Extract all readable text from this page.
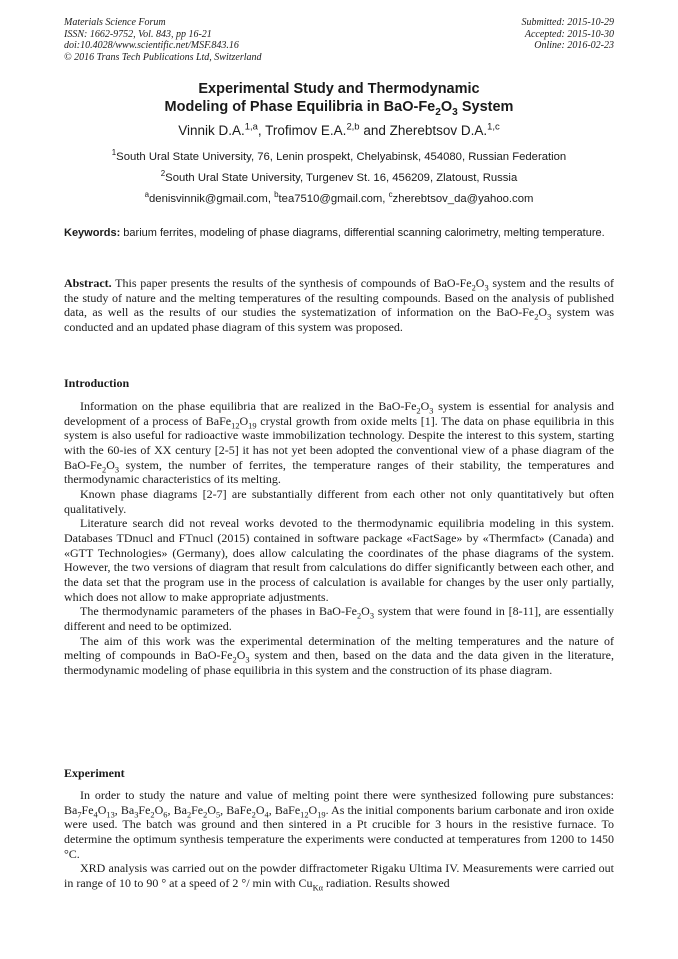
Materials Science Forum
ISSN: 1662-9752, Vol. 843, pp 16-21
doi:10.4028/www.scientific.net/MSF.843.16
© 2016 Trans Tech Publications Ltd, Switzerland
Submitted: 2015-10-29
Accepted: 2015-10-30
Online: 2016-02-23
Experimental Study and Thermodynamic
Modeling of Phase Equilibria in BaO-$Fe_2O_3$ System
Vinnik D.A.$^{1,a}$, Trofimov E.A.$^{2,b}$ and Zherebtsov D.A.$^{1,c}$
$^1$South Ural State University, 76, Lenin prospekt, Chelyabinsk, 454080, Russian Federation
$^2$South Ural State University, Turgenev St. 16, 456209, Zlatoust, Russia
$^a$denisvinnik@gmail.com, $^b$tea7510@gmail.com, $^c$zherebtsov_da@yahoo.com
Keywords: barium ferrites, modeling of phase diagrams, differential scanning calorimetry, melting temperature.

Abstract. This paper presents the results of the synthesis of compounds of BaO-$Fe_2O_3$ system and the results of the study of nature and the melting temperatures of the resulting compounds. Based on the analysis of published data, as well as the results of our studies the systematization of information on the BaO-$Fe_2O_3$ system was conducted and an updated phase diagram of this system was proposed.

Introduction

Information on the phase equilibria that are realized in the BaO-$Fe_2O_3$ system is essential for analysis and development of a process of $BaFe_{12}O_{19}$ crystal growth from oxide melts [1]. The data on phase equilibria in this system is also useful for radioactive waste immobilization technology. Despite the interest to this system, starting with the 60-ies of XX century [2-5] it has not yet been adopted the conventional view of a phase diagram of the BaO-$Fe_2O_3$ system, the number of ferrites, the temperature ranges of their stability, the temperatures and thermodynamic characteristics of its melting.

Known phase diagrams [2-7] are substantially different from each other not only quantitatively but often qualitatively.

Literature search did not reveal works devoted to the thermodynamic equilibria modeling in this system. Databases TDnucl and FTnucl (2015) contained in software package «FactSage» by «Thermfact» (Canada) and «GTT Technologies» (Germany), does allow calculating the coordinates of the phase diagrams of the system. However, the two versions of diagram that result from calculations do differ significantly between each other, and the data set that the program use in the process of calculation is available for changes by the user only partially, which does not allow to make appropriate adjustments.

The thermodynamic parameters of the phases in BaO-$Fe_2O_3$ system that were found in [8-11], are essentially different and need to be optimized.

The aim of this work was the experimental determination of the melting temperatures and the nature of melting of compounds in BaO-$Fe_2O_3$ system and then, based on the data and the data given in the literature, thermodynamic modeling of phase equilibria in this system and the construction of its phase diagram.

Experiment

In order to study the nature and value of melting point there were synthesized following pure substances: $Ba_7Fe_4O_{13}$, $Ba_3Fe_2O_6$, $Ba_2Fe_2O_5$, $BaFe_2O_4$, $BaFe_{12}O_{19}$. As the initial components barium carbonate and iron oxide were used. The batch was ground and then sintered in a Pt crucible for 3 hours in the resistive furnace. To determine the optimum synthesis temperature the experiments were conducted at temperatures from 1200 to 1450 °C.

XRD analysis was carried out on the powder diffractometer Rigaku Ultima IV. Measurements were carried out in range of 10 to 90 ° at a speed of 2 °/ min with $Cu_{K\alpha}$ radiation. Results showed
